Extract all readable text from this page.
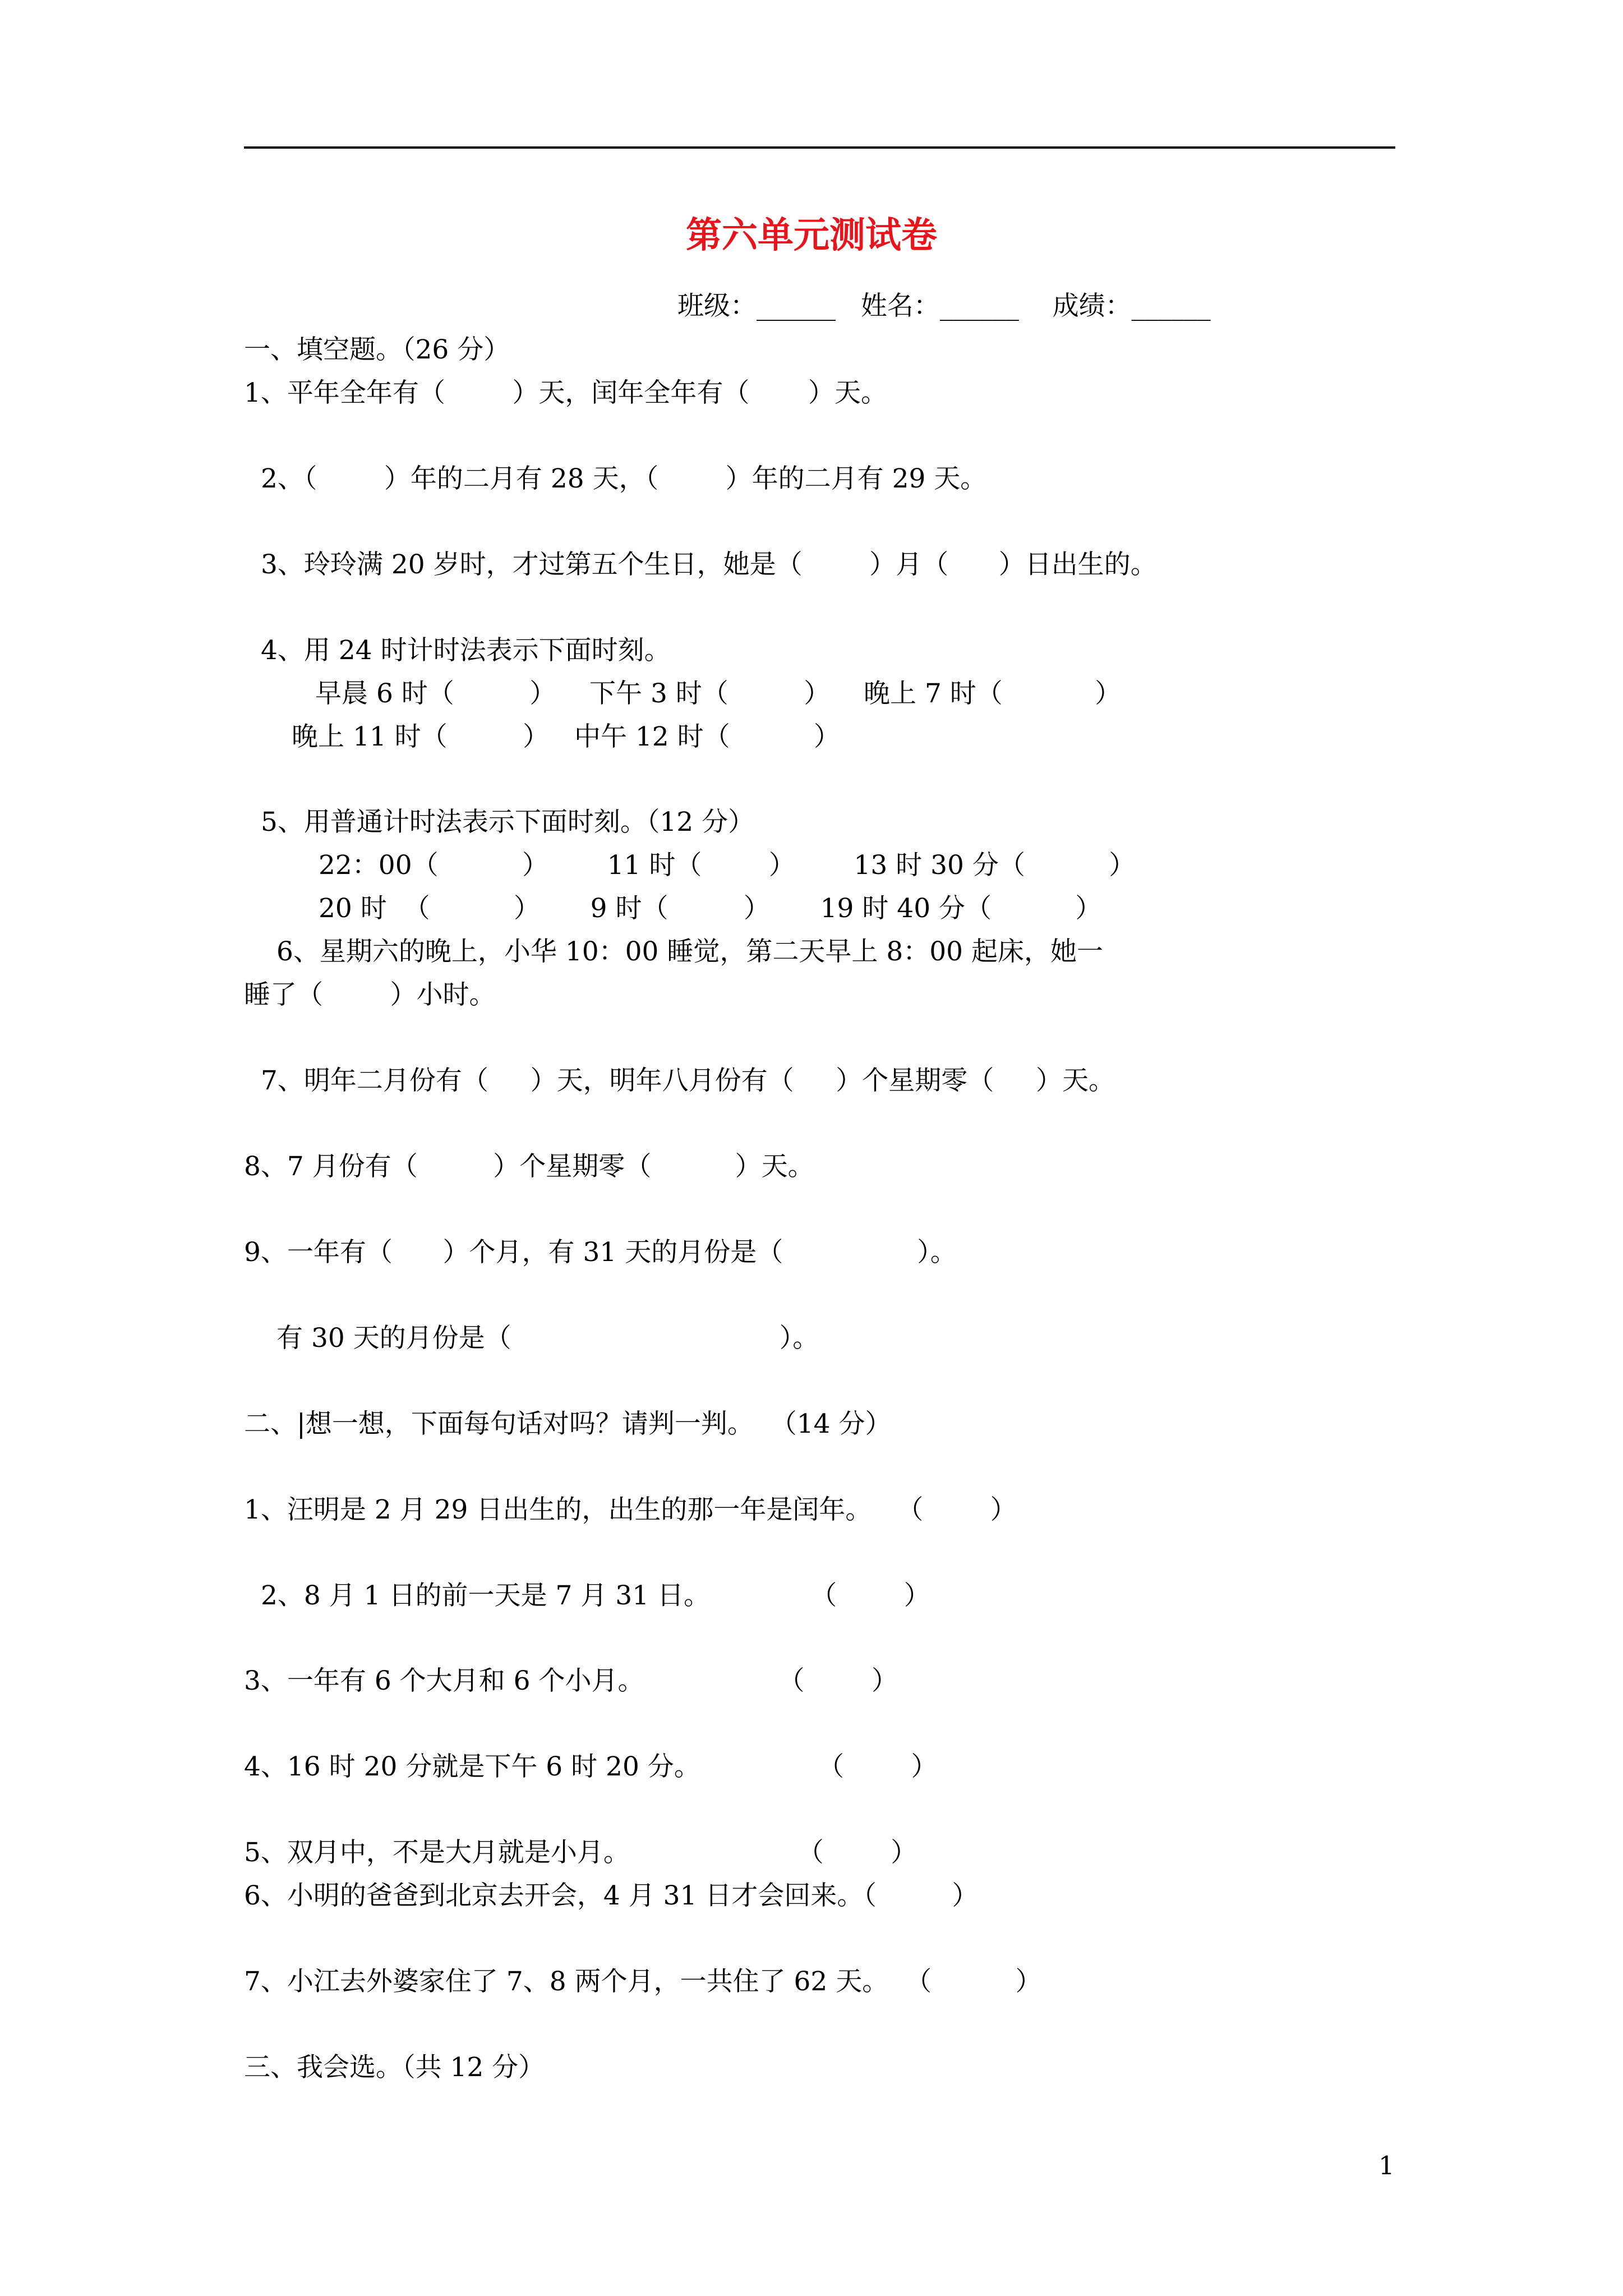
第六单元测试卷
班级：______   姓名：______    成绩：______
一、填空题。（26 分）
1、平年全年有（        ）天，闰年全年有（       ）天。
2、（        ）年的二月有 28 天，（        ）年的二月有 29 天。
3、玲玲满 20 岁时，才过第五个生日，她是（        ）月（      ）日出生的。
4、用 24 时计时法表示下面时刻。
早晨 6 时（         ）    下午 3 时（         ）    晚上 7 时（           ）
晚上 11 时（         ）   中午 12 时（          ）
5、用普通计时法表示下面时刻。（12 分）
22：00（          ）       11 时（        ）       13 时 30 分（          ）
20 时  （          ）      9 时（         ）      19 时 40 分（          ）
6、星期六的晚上，小华 10：00 睡觉，第二天早上 8：00 起床，她一
睡了（        ）小时。
7、明年二月份有（     ）天，明年八月份有（     ）个星期零（     ）天。
8、7 月份有（         ）个星期零（          ）天。
9、一年有（      ）个月，有 31 天的月份是（                ）。
有 30 天的月份是（                                ）。
二、|想一想，下面每句话对吗？请判一判。  （14 分）
1、汪明是 2 月 29 日出生的，出生的那一年是闰年。   （        ）
2、8 月 1 日的前一天是 7 月 31 日。            （        ）
3、一年有 6 个大月和 6 个小月。                （        ）
4、16 时 20 分就是下午 6 时 20 分。              （        ）
5、双月中，不是大月就是小月。                    （        ）
6、小明的爸爸到北京去开会，4 月 31 日才会回来。（         ）
7、小江去外婆家住了 7、8 两个月，一共住了 62 天。  （          ）
三、我会选。（共 12 分）
1
